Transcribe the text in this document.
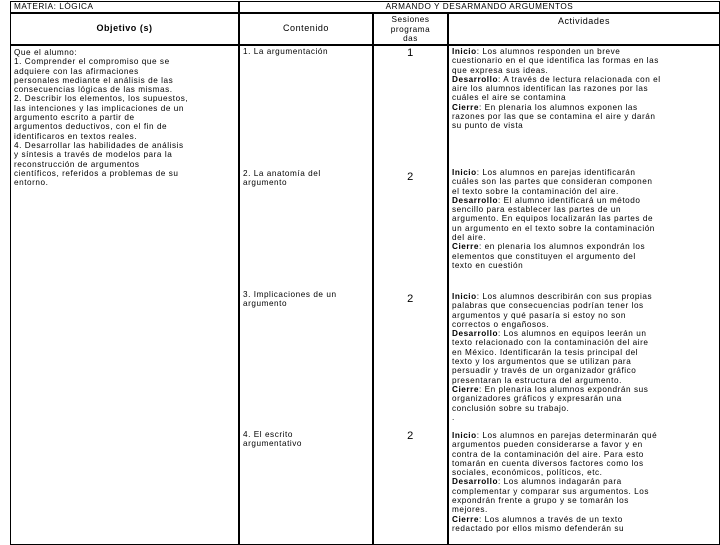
MATERIA: LÓGICA	ARMANDO Y DESARMANDO ARGUMENTOS
Objetivo (s)	Contenido
Sesiones
programa
das
Actividades
Que el alumno:
1. Comprender el compromiso que se
adquiere con las afirmaciones
personales mediante el análisis de las
consecuencias lógicas de las mismas.
2. Describir los elementos, los supuestos,
las intenciones y las implicaciones de un
argumento escrito a partir de
argumentos deductivos, con el fin de
identificaros en textos reales.
4. Desarrollar las habilidades de análisis
y síntesis a través de modelos para la
reconstrucción de argumentos
científicos, referidos a problemas de su
entorno.
1. La argumentación
2. La anatomía del
argumento
3. Implicaciones de un
argumento
4. El escrito
argumentativo
1
2
2
2
Inicio: Los alumnos responden un breve
cuestionario en el que identifica las formas en las
que expresa sus ideas.
Desarrollo: A través de lectura relacionada con el
aire los alumnos identifican las razones por las
cuáles el aire se contamina
Cierre: En plenaria los alumnos exponen las
razones por las que se contamina el aire y darán
su punto de vista
Inicio: Los alumnos en parejas identificarán
cuáles son las partes que consideran componen
el texto sobre la contaminación del aire.
Desarrollo: El alumno identificará un método
sencillo para establecer las partes de un
argumento. En equipos localizarán las partes de
un argumento en el texto sobre la contaminación
del aire.
Cierre: en plenaria los alumnos expondrán los
elementos que constituyen el argumento del
texto en cuestión
Inicio: Los alumnos describirán con sus propias
palabras que consecuencias podrían tener los
argumentos y qué pasaría si estoy no son
correctos o engañosos.
Desarrollo: Los alumnos en equipos leerán un
texto relacionado con la contaminación del aire
en México. Identificarán la tesis principal del
texto y los argumentos que se utilizan para
persuadir y través de un organizador gráfico
presentaran la estructura del argumento.
Cierre: En plenaria los alumnos expondrán sus
organizadores gráficos y expresarán una
conclusión sobre su trabajo.
.
Inicio: Los alumnos en parejas determinarán qué
argumentos pueden considerarse a favor y en
contra de la contaminación del aire. Para esto
tomarán en cuenta diversos factores como los
sociales, económicos, políticos, etc.
Desarrollo: Los alumnos indagarán para
complementar y comparar sus argumentos. Los
expondrán frente a grupo y se tomarán los
mejores.
Cierre: Los alumnos a través de un texto
redactado por ellos mismo defenderán su
